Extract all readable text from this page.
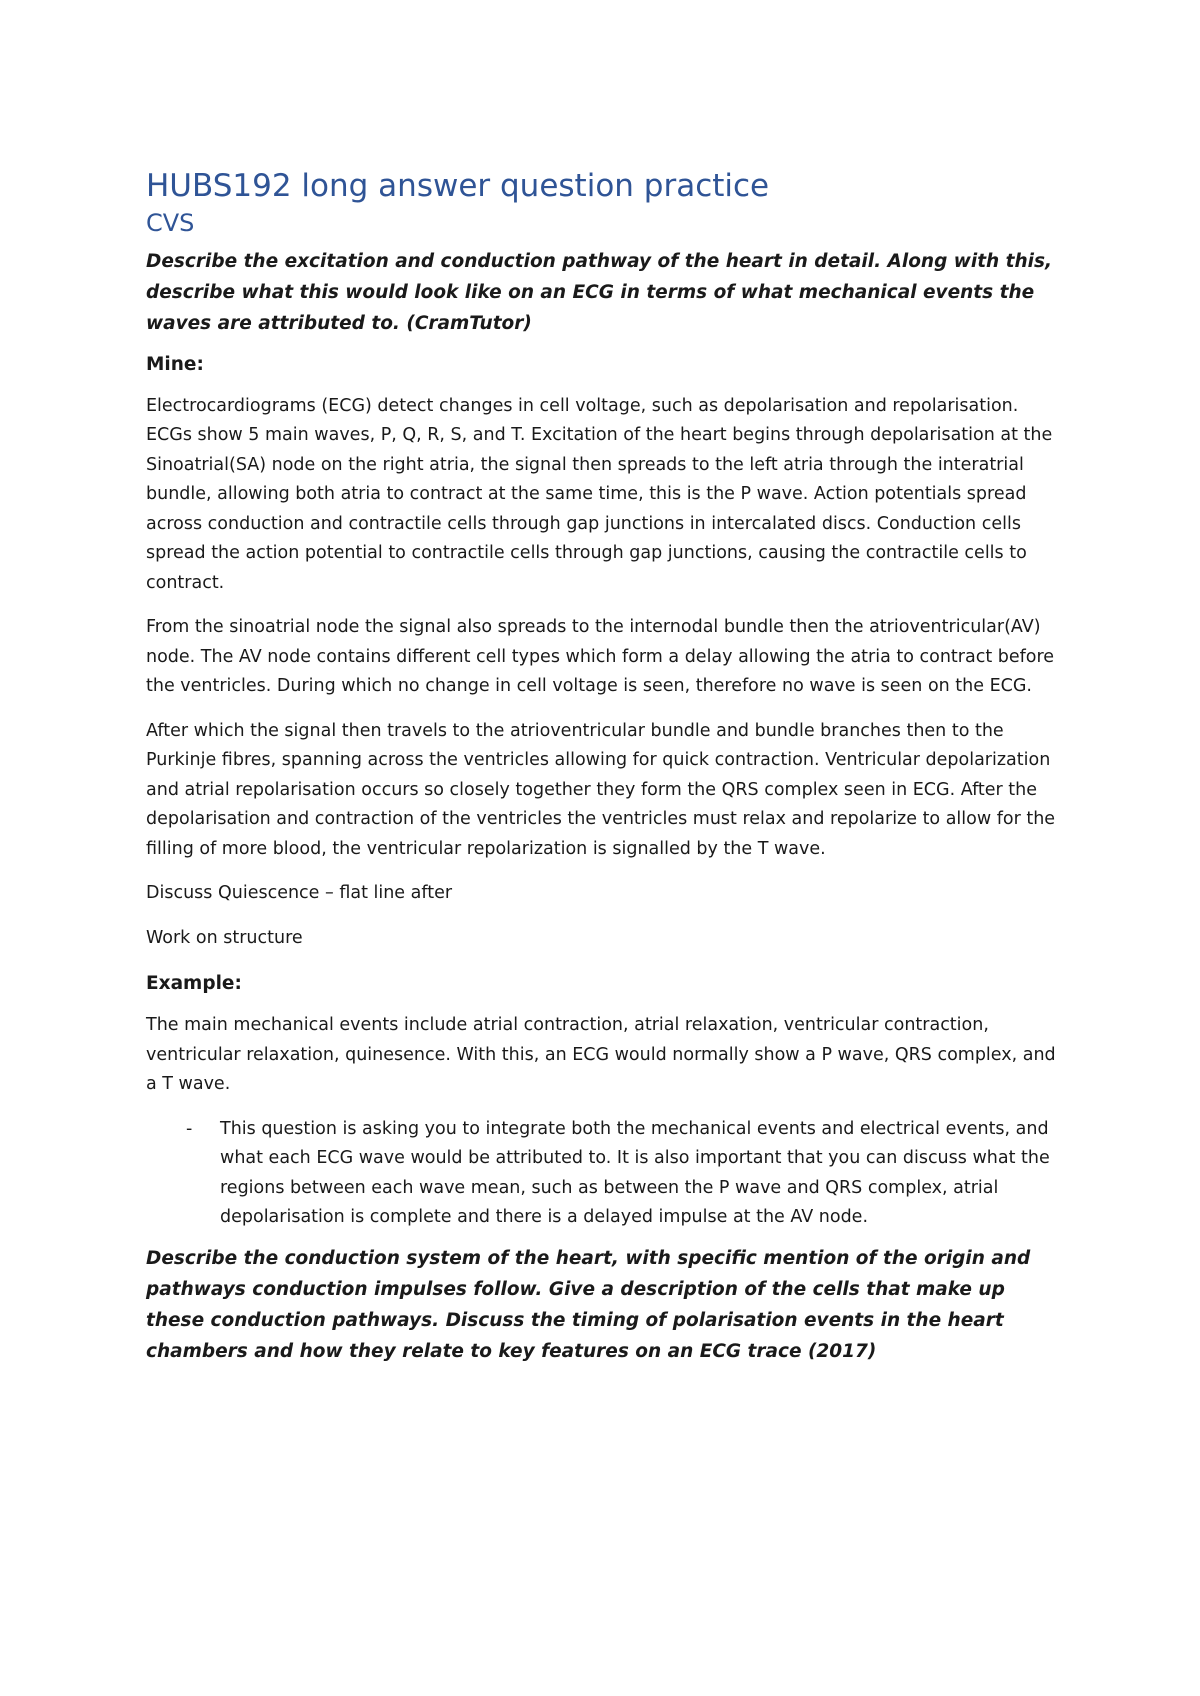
HUBS192 long answer question practice
CVS

Describe the excitation and conduction pathway of the heart in detail. Along with this, describe what this would look like on an ECG in terms of what mechanical events the waves are attributed to. (CramTutor)

Mine:

Electrocardiograms (ECG) detect changes in cell voltage, such as depolarisation and repolarisation. ECGs show 5 main waves, P, Q, R, S, and T. Excitation of the heart begins through depolarisation at the Sinoatrial(SA) node on the right atria, the signal then spreads to the left atria through the interatrial bundle, allowing both atria to contract at the same time, this is the P wave. Action potentials spread across conduction and contractile cells through gap junctions in intercalated discs. Conduction cells spread the action potential to contractile cells through gap junctions, causing the contractile cells to contract.

From the sinoatrial node the signal also spreads to the internodal bundle then the atrioventricular(AV) node. The AV node contains different cell types which form a delay allowing the atria to contract before the ventricles. During which no change in cell voltage is seen, therefore no wave is seen on the ECG.

After which the signal then travels to the atrioventricular bundle and bundle branches then to the Purkinje fibres, spanning across the ventricles allowing for quick contraction. Ventricular depolarization and atrial repolarisation occurs so closely together they form the QRS complex seen in ECG. After the depolarisation and contraction of the ventricles the ventricles must relax and repolarize to allow for the filling of more blood, the ventricular repolarization is signalled by the T wave.

Discuss Quiescence – flat line after

Work on structure

Example:

The main mechanical events include atrial contraction, atrial relaxation, ventricular contraction, ventricular relaxation, quinesence. With this, an ECG would normally show a P wave, QRS complex, and a T wave.

-	This question is asking you to integrate both the mechanical events and electrical events, and what each ECG wave would be attributed to. It is also important that you can discuss what the regions between each wave mean, such as between the P wave and QRS complex, atrial depolarisation is complete and there is a delayed impulse at the AV node.

Describe the conduction system of the heart, with specific mention of the origin and pathways conduction impulses follow. Give a description of the cells that make up these conduction pathways. Discuss the timing of polarisation events in the heart chambers and how they relate to key features on an ECG trace (2017)
